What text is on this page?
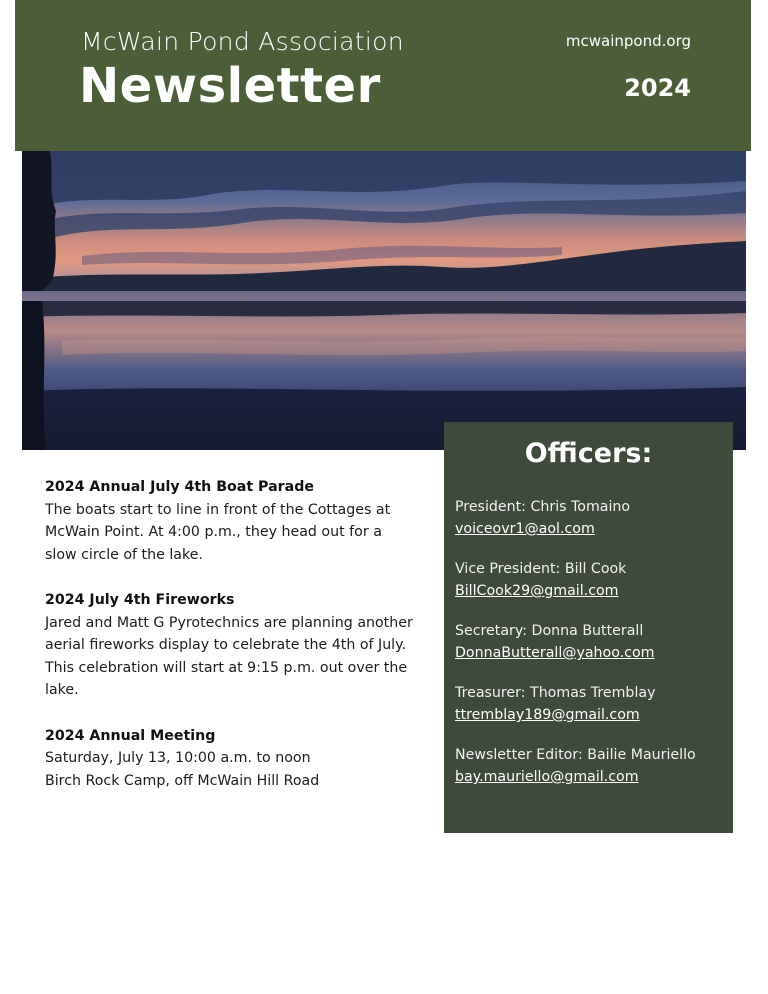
McWain Pond Association
Newsletter
mcwainpond.org
2024
2024 Annual July 4th Boat Parade
The boats start to line in front of the Cottages at McWain Point. At 4:00 p.m., they head out for a slow circle of the lake.
2024 July 4th Fireworks
Jared and Matt G Pyrotechnics are planning another aerial fireworks display to celebrate the 4th of July. This celebration will start at 9:15 p.m. out over the lake.
2024 Annual Meeting
Saturday, July 13, 10:00 a.m. to noon
Birch Rock Camp, off McWain Hill Road
Officers:
President: Chris Tomaino
voiceovr1@aol.com
Vice President: Bill Cook
BillCook29@gmail.com
Secretary: Donna Butterall
DonnaButterall@yahoo.com
Treasurer: Thomas Tremblay
ttremblay189@gmail.com
Newsletter Editor: Bailie Mauriello
bay.mauriello@gmail.com
